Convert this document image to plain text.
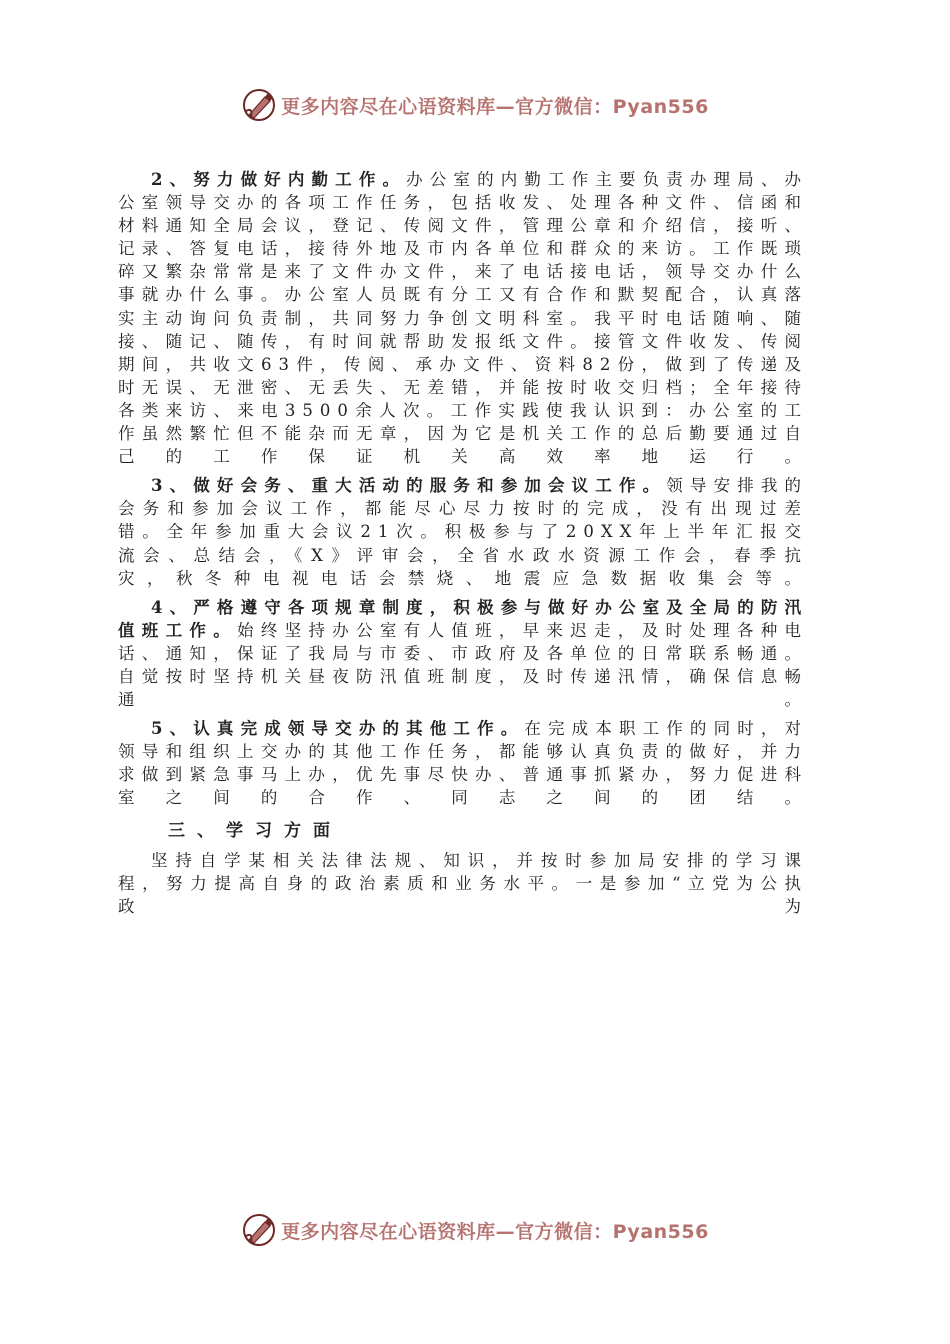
更多内容尽在心语资料库—官方微信：Pyan556

2、努力做好内勤工作。办公室的内勤工作主要负责办理局、办公室领导交办的各项工作任务，包括收发、处理各种文件、信函和材料通知全局会议，登记、传阅文件，管理公章和介绍信，接听、记录、答复电话，接待外地及市内各单位和群众的来访。工作既琐碎又繁杂常常是来了文件办文件，来了电话接电话，领导交办什么事就办什么事。办公室人员既有分工又有合作和默契配合，认真落实主动询问负责制，共同努力争创文明科室。我平时电话随响、随接、随记、随传，有时间就帮助发报纸文件。接管文件收发、传阅期间，共收文63件，传阅、承办文件、资料82份，做到了传递及时无误、无泄密、无丢失、无差错，并能按时收交归档；全年接待各类来访、来电3500余人次。工作实践使我认识到：办公室的工作虽然繁忙但不能杂而无章，因为它是机关工作的总后勤要通过自己的工作保证机关高效率地运行。

3、做好会务、重大活动的服务和参加会议工作。领导安排我的会务和参加会议工作，都能尽心尽力按时的完成，没有出现过差错。全年参加重大会议21次。积极参与了20XX年上半年汇报交流会、总结会，《X》评审会，全省水政水资源工作会，春季抗灾，秋冬种电视电话会禁烧、地震应急数据收集会等。

4、严格遵守各项规章制度，积极参与做好办公室及全局的防汛值班工作。始终坚持办公室有人值班，早来迟走，及时处理各种电话、通知，保证了我局与市委、市政府及各单位的日常联系畅通。自觉按时坚持机关昼夜防汛值班制度，及时传递汛情，确保信息畅通。

5、认真完成领导交办的其他工作。在完成本职工作的同时，对领导和组织上交办的其他工作任务，都能够认真负责的做好，并力求做到紧急事马上办，优先事尽快办、普通事抓紧办，努力促进科室之间的合作、同志之间的团结。

三、学习方面

坚持自学某相关法律法规、知识，并按时参加局安排的学习课程，努力提高自身的政治素质和业务水平。一是参加“立党为公执政为

更多内容尽在心语资料库—官方微信：Pyan556
